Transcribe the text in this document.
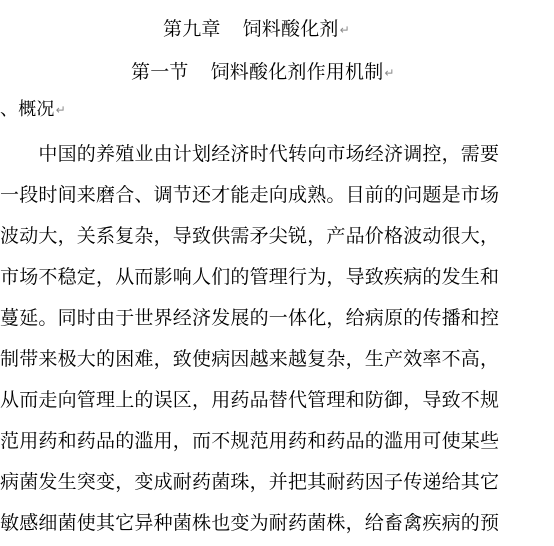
第九章 饲料酸化剂↵
第一节 饲料酸化剂作用机制↵
、概况↵
　　中国的养殖业由计划经济时代转向市场经济调控，需要
一段时间来磨合、调节还才能走向成熟。目前的问题是市场
波动大，关系复杂，导致供需矛尖锐，产品价格波动很大，
市场不稳定，从而影响人们的管理行为，导致疾病的发生和
蔓延。同时由于世界经济发展的一体化，给病原的传播和控
制带来极大的困难，致使病因越来越复杂，生产效率不高，
从而走向管理上的误区，用药品替代管理和防御，导致不规
范用药和药品的滥用，而不规范用药和药品的滥用可使某些
病菌发生突变，变成耐药菌珠，并把其耐药因子传递给其它
敏感细菌使其它异种菌株也变为耐药菌株，给畜禽疾病的预
